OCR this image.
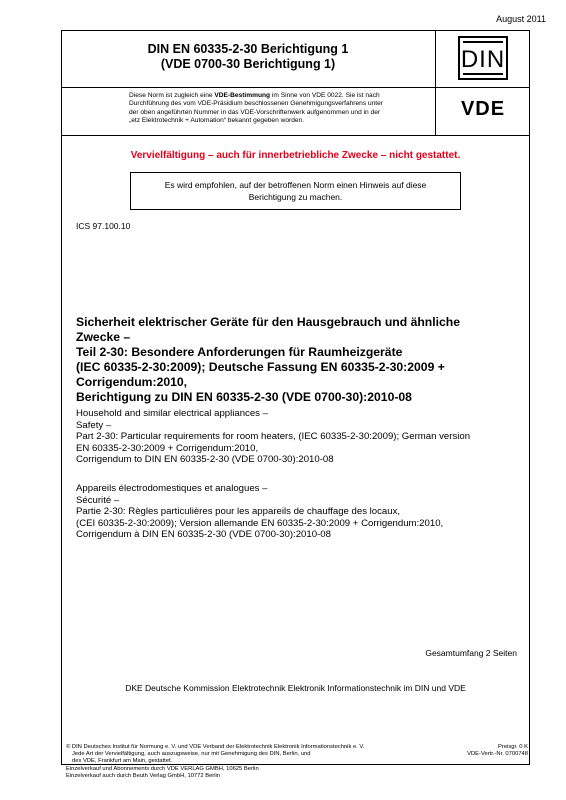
August 2011
DIN EN 60335-2-30 Berichtigung 1
(VDE 0700-30 Berichtigung 1)	DIN
Diese Norm ist zugleich eine VDE-Bestimmung im Sinne von VDE 0022. Sie ist nach
Durchführung des vom VDE-Präsidium beschlossenen Genehmigungsverfahrens unter
der oben angeführten Nummer in das VDE-Vorschriftenwerk aufgenommen und in der
„etz Elektrotechnik + Automation“ bekannt gegeben worden.
VDE
Vervielfältigung – auch für innerbetriebliche Zwecke – nicht gestattet.
Es wird empfohlen, auf der betroffenen Norm einen Hinweis auf diese
Berichtigung zu machen.
ICS 97.100.10
Sicherheit elektrischer Geräte für den Hausgebrauch und ähnliche
Zwecke –
Teil 2-30: Besondere Anforderungen für Raumheizgeräte
(IEC 60335-2-30:2009); Deutsche Fassung EN 60335-2-30:2009 +
Corrigendum:2010,
Berichtigung zu DIN EN 60335-2-30 (VDE 0700-30):2010-08
Household and similar electrical appliances –
Safety –
Part 2-30: Particular requirements for room heaters, (IEC 60335-2-30:2009); German version
EN 60335-2-30:2009 + Corrigendum:2010,
Corrigendum to DIN EN 60335-2-30 (VDE 0700-30):2010-08
Appareils électrodomestiques et analogues –
Sécurité –
Partie 2-30: Règles particulières pour les appareils de chauffage des locaux,
(CEI 60335-2-30:2009); Version allemande EN 60335-2-30:2009 + Corrigendum:2010,
Corrigendum à DIN EN 60335-2-30 (VDE 0700-30):2010-08
Gesamtumfang 2 Seiten
DKE Deutsche Kommission Elektrotechnik Elektronik Informationstechnik im DIN und VDE
© DIN Deutsches Institut für Normung e. V. und VDE Verband der Elektrotechnik Elektronik Informationstechnik e. V.
Jede Art der Vervielfältigung, auch auszugsweise, nur mit Genehmigung des DIN, Berlin, und
des VDE, Frankfurt am Main, gestattet.
Einzelverkauf und Abonnements durch VDE VERLAG GMBH, 10625 Berlin
Einzelverkauf auch durch Beuth Verlag GmbH, 10772 Berlin
Preisgr. 0 K
VDE-Vertr.-Nr. 0700748
